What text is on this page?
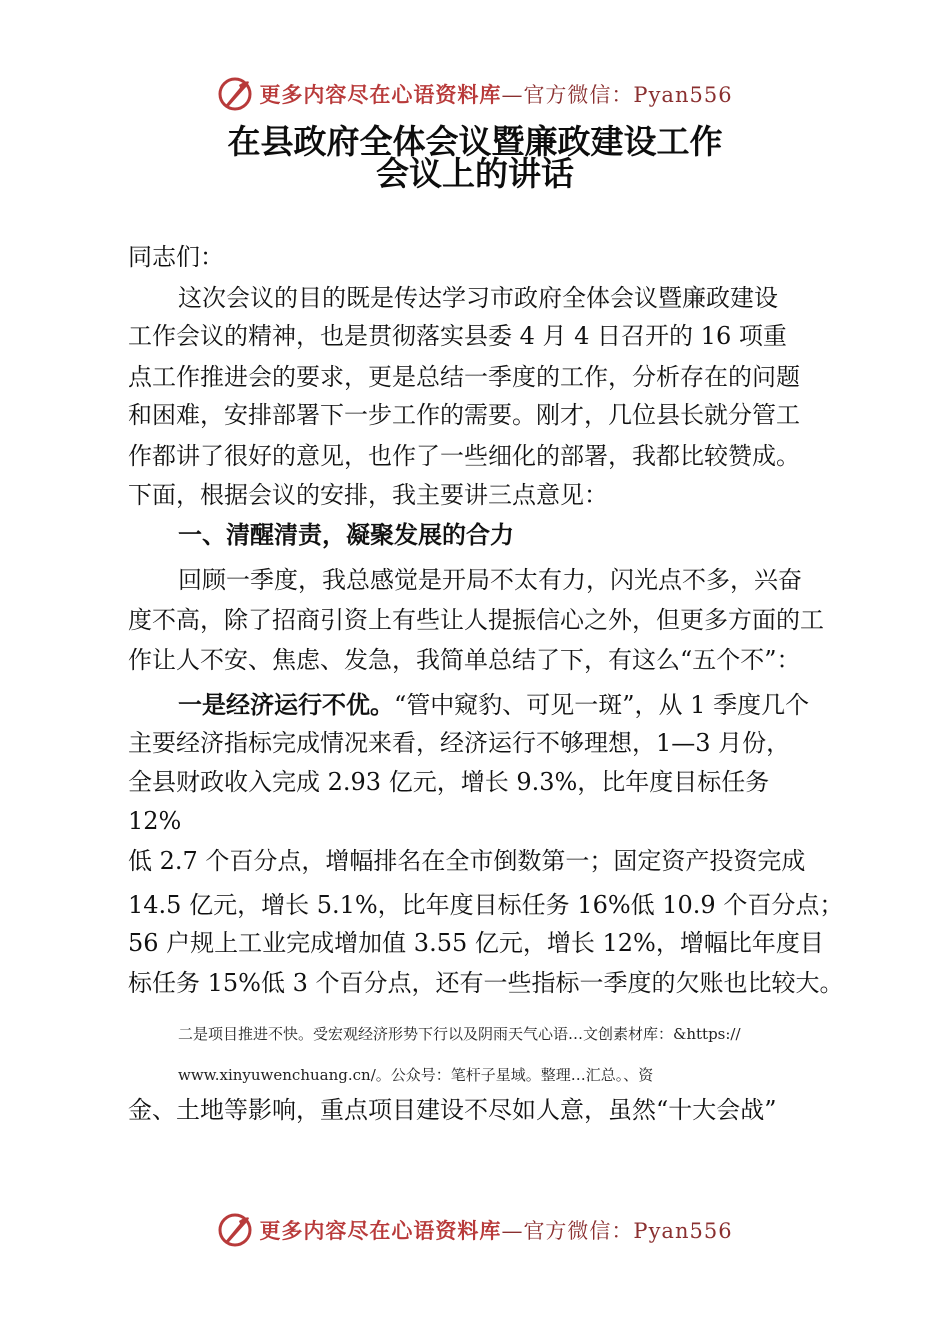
更多内容尽在心语资料库—官方微信：Pyan556
在县政府全体会议暨廉政建设工作
会议上的讲话

同志们：

这次会议的目的既是传达学习市政府全体会议暨廉政建设

工作会议的精神，也是贯彻落实县委 4 月 4 日召开的 16 项重

点工作推进会的要求，更是总结一季度的工作，分析存在的问题

和困难，安排部署下一步工作的需要。刚才，几位县长就分管工

作都讲了很好的意见，也作了一些细化的部署，我都比较赞成。

下面，根据会议的安排，我主要讲三点意见：

一、清醒清责，凝聚发展的合力

回顾一季度，我总感觉是开局不太有力，闪光点不多，兴奋

度不高，除了招商引资上有些让人提振信心之外，但更多方面的工

作让人不安、焦虑、发急，我简单总结了下，有这么“五个不”：

一是经济运行不优。“管中窥豹、可见一斑”，从 1 季度几个

主要经济指标完成情况来看，经济运行不够理想，1—3 月份，

全县财政收入完成 2.93 亿元，增长 9.3%，比年度目标任务

12%

低 2.7 个百分点，增幅排名在全市倒数第一；固定资产投资完成

14.5 亿元，增长 5.1%，比年度目标任务 16%低 10.9 个百分点；

56 户规上工业完成增加值 3.55 亿元，增长 12%，增幅比年度目

标任务 15%低 3 个百分点，还有一些指标一季度的欠账也比较大。

二是项目推进不快。受宏观经济形势下行以及阴雨天气心语…文创素材库：&https://

www.xinyuwenchuang.cn/。公众号：笔杆子星域。整理…汇总。、资

金、土地等影响，重点项目建设不尽如人意，虽然“十大会战”

更多内容尽在心语资料库—官方微信：Pyan556
